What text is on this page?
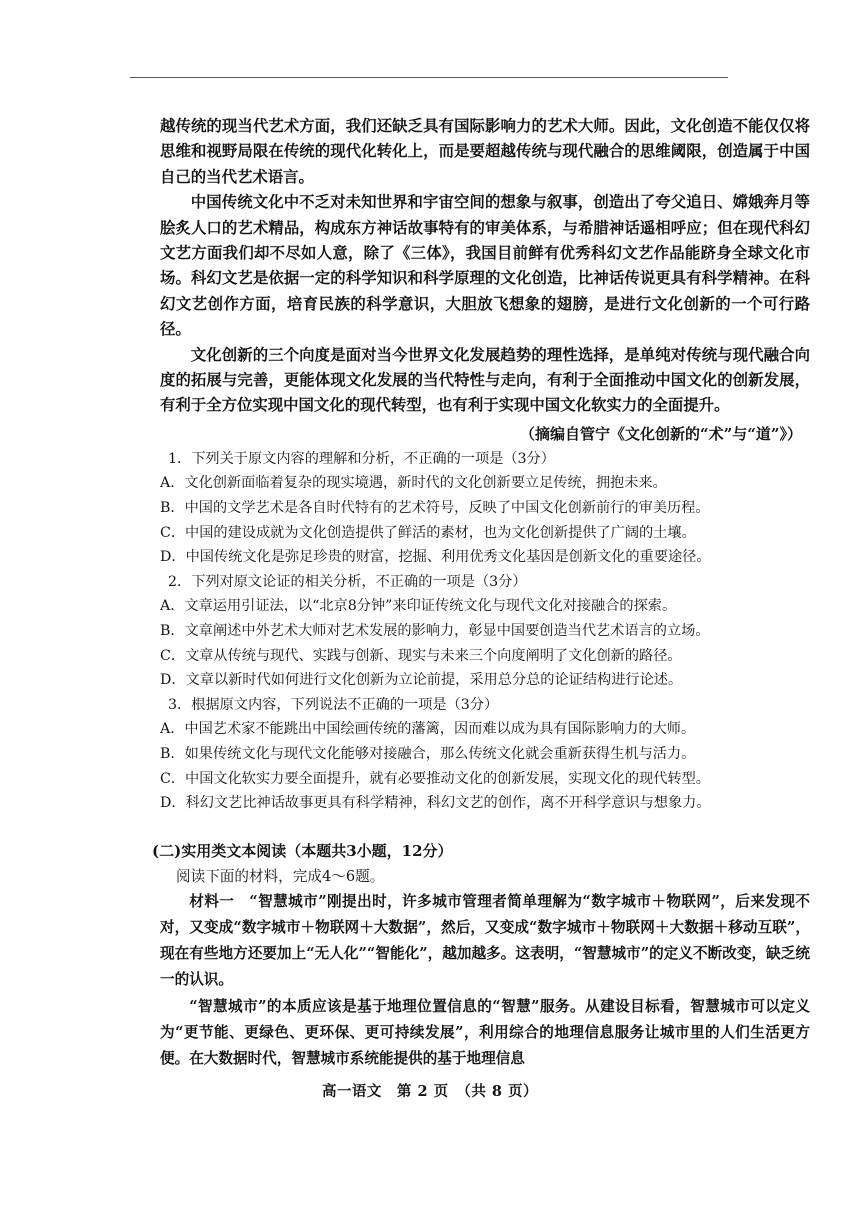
越传统的现当代艺术方面，我们还缺乏具有国际影响力的艺术大师。因此，文化创造不能仅仅将思维和视野局限在传统的现代化转化上，而是要超越传统与现代融合的思维阈限，创造属于中国自己的当代艺术语言。

中国传统文化中不乏对未知世界和宇宙空间的想象与叙事，创造出了夸父追日、嫦娥奔月等脍炙人口的艺术精品，构成东方神话故事特有的审美体系，与希腊神话遥相呼应；但在现代科幻文艺方面我们却不尽如人意，除了《三体》，我国目前鲜有优秀科幻文艺作品能跻身全球文化市场。科幻文艺是依据一定的科学知识和科学原理的文化创造，比神话传说更具有科学精神。在科幻文艺创作方面，培育民族的科学意识，大胆放飞想象的翅膀，是进行文化创新的一个可行路径。

文化创新的三个向度是面对当今世界文化发展趋势的理性选择，是单纯对传统与现代融合向度的拓展与完善，更能体现文化发展的当代特性与走向，有利于全面推动中国文化的创新发展，有利于全方位实现中国文化的现代转型，也有利于实现中国文化软实力的全面提升。

（摘编自管宁《文化创新的“术”与“道”》）

1．下列关于原文内容的理解和分析，不正确的一项是（3分）

A．文化创新面临着复杂的现实境遇，新时代的文化创新要立足传统，拥抱未来。

B．中国的文学艺术是各自时代特有的艺术符号，反映了中国文化创新前行的审美历程。

C．中国的建设成就为文化创造提供了鲜活的素材，也为文化创新提供了广阔的土壤。

D．中国传统文化是弥足珍贵的财富，挖掘、利用优秀文化基因是创新文化的重要途径。

2．下列对原文论证的相关分析，不正确的一项是（3分）

A．文章运用引证法，以“北京8分钟”来印证传统文化与现代文化对接融合的探索。

B．文章阐述中外艺术大师对艺术发展的影响力，彰显中国要创造当代艺术语言的立场。

C．文章从传统与现代、实践与创新、现实与未来三个向度阐明了文化创新的路径。

D．文章以新时代如何进行文化创新为立论前提，采用总分总的论证结构进行论述。

3．根据原文内容，下列说法不正确的一项是（3分）

A．中国艺术家不能跳出中国绘画传统的藩篱，因而难以成为具有国际影响力的大师。

B．如果传统文化与现代文化能够对接融合，那么传统文化就会重新获得生机与活力。

C．中国文化软实力要全面提升，就有必要推动文化的创新发展，实现文化的现代转型。

D．科幻文艺比神话故事更具有科学精神，科幻文艺的创作，离不开科学意识与想象力。

(二)实用类文本阅读（本题共3小题，12分）

阅读下面的材料，完成4～6题。

材料一　“智慧城市”刚提出时，许多城市管理者简单理解为“数字城市＋物联网”，后来发现不对，又变成“数字城市＋物联网＋大数据”，然后，又变成“数字城市＋物联网＋大数据＋移动互联”，现在有些地方还要加上“无人化”“智能化”，越加越多。这表明，“智慧城市”的定义不断改变，缺乏统一的认识。

“智慧城市”的本质应该是基于地理位置信息的“智慧”服务。从建设目标看，智慧城市可以定义为“更节能、更绿色、更环保、更可持续发展”，利用综合的地理信息服务让城市里的人们生活更方便。在大数据时代，智慧城市系统能提供的基于地理信息

高一语文　第 2 页　（共 8 页）
